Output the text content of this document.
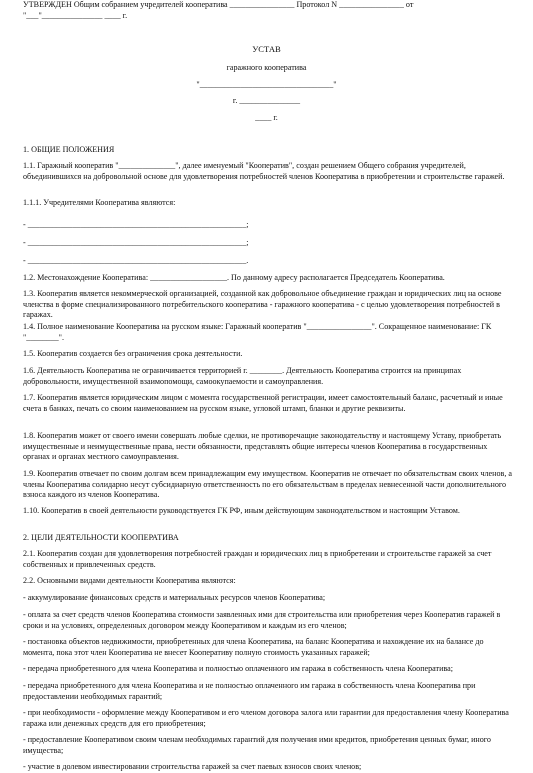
УТВЕРЖДЕН Общим собранием учредителей кооператива ________________ Протокол N ________________ от
"___"_______________ ____ г.
УСТАВ
гаражного кооператива
"_________________________________"
г. _______________
____ г.
1. ОБЩИЕ ПОЛОЖЕНИЯ

1.1. Гаражный кооператив "______________", далее именуемый "Кооператив", создан решением Общего собрания учредителей, объединившихся на добровольной основе для удовлетворения потребностей членов Кооператива в приобретении и строительстве гаражей.

1.1.1. Учредителями Кооператива являются:
- ______________________________________________________;
- ______________________________________________________;
- ______________________________________________________.
1.2. Местонахождение Кооператива: ___________________. По данному адресу располагается Председатель Кооператива.

1.3. Кооператив является некоммерческой организацией, созданной как добровольное объединение граждан и юридических лиц на основе членства в форме специализированного потребительского кооператива - гаражного кооператива - с целью удовлетворения потребностей в гаражах.

1.4. Полное наименование Кооператива на русском языке: Гаражный кооператив "________________". Сокращенное наименование: ГК "________".

1.5. Кооператив создается без ограничения срока деятельности.

1.6. Деятельность Кооператива не ограничивается территорией г. ________. Деятельность Кооператива строится на принципах добровольности, имущественной взаимопомощи, самоокупаемости и самоуправления.

1.7. Кооператив является юридическим лицом с момента государственной регистрации, имеет самостоятельный баланс, расчетный и иные счета в банках, печать со своим наименованием на русском языке, угловой штамп, бланки и другие реквизиты.

1.8. Кооператив может от своего имени совершать любые сделки, не противоречащие законодательству и настоящему Уставу, приобретать имущественные и неимущественные права, нести обязанности, представлять общие интересы членов Кооператива в государственных органах и органах местного самоуправления.

1.9. Кооператив отвечает по своим долгам всем принадлежащим ему имуществом. Кооператив не отвечает по обязательствам своих членов, а члены Кооператива солидарно несут субсидиарную ответственность по его обязательствам в пределах невнесенной части дополнительного взноса каждого из членов Кооператива.

1.10. Кооператив в своей деятельности руководствуется ГК РФ, иным действующим законодательством и настоящим Уставом.

2. ЦЕЛИ ДЕЯТЕЛЬНОСТИ КООПЕРАТИВА

2.1. Кооператив создан для удовлетворения потребностей граждан и юридических лиц в приобретении и строительстве гаражей за счет собственных и привлеченных средств.

2.2. Основными видами деятельности Кооператива являются:
- аккумулирование финансовых средств и материальных ресурсов членов Кооператива;

- оплата за счет средств членов Кооператива стоимости заявленных ими для строительства или приобретения через Кооператив гаражей в сроки и на условиях, определенных договором между Кооперативом и каждым из его членов;

- постановка объектов недвижимости, приобретенных для члена Кооператива, на баланс Кооператива и нахождение их на балансе до момента, пока этот член Кооператива не внесет Кооперативу полную стоимость указанных гаражей;

- передача приобретенного для члена Кооператива и полностью оплаченного им гаража в собственность члена Кооператива;

- передача приобретенного для члена Кооператива и не полностью оплаченного им гаража в собственность члена Кооператива при предоставлении необходимых гарантий;

- при необходимости - оформление между Кооперативом и его членом договора залога или гарантии для предоставления члену Кооператива гаража или денежных средств для его приобретения;

- предоставление Кооперативом своим членам необходимых гарантий для получения ими кредитов, приобретения ценных бумаг, иного имущества;

- участие в долевом инвестировании строительства гаражей за счет паевых взносов своих членов;
